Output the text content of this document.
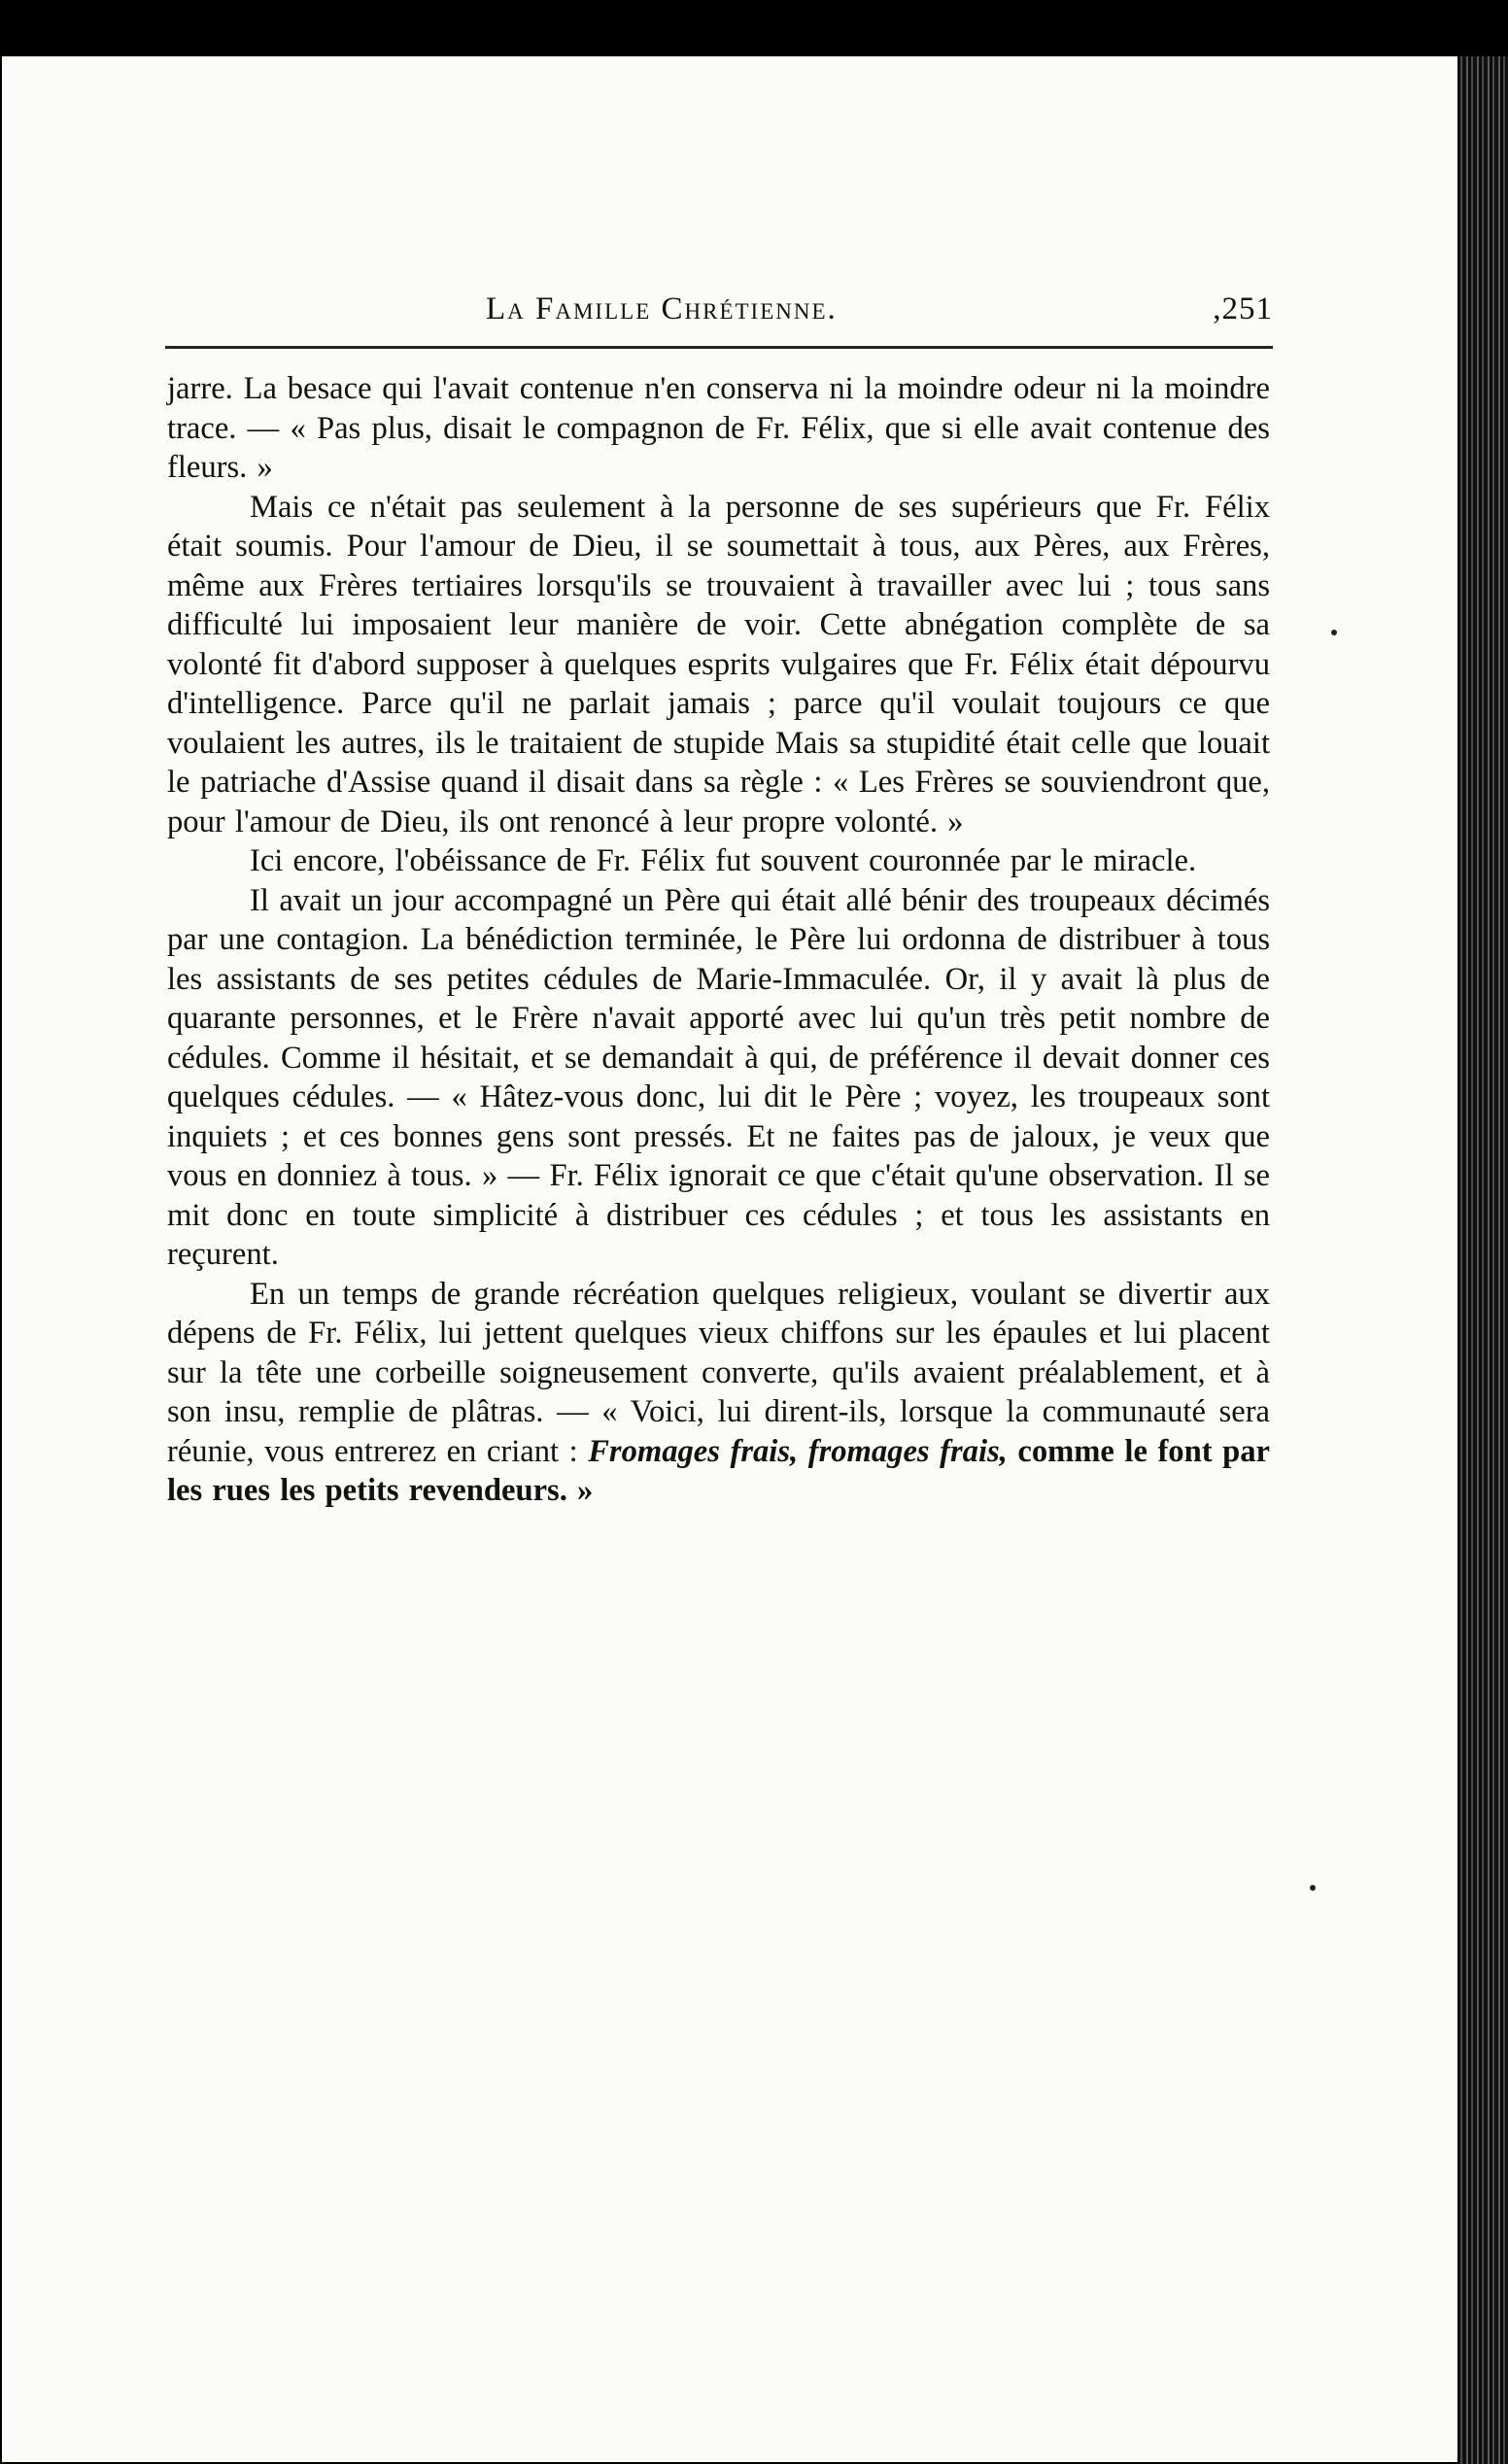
La Famille Chrétienne.	,251

jarre. La besace qui l'avait contenue n'en conserva ni la moindre odeur ni la moindre trace. — « Pas plus, disait le compagnon de Fr. Félix, que si elle avait contenue des fleurs. »

Mais ce n'était pas seulement à la personne de ses supérieurs que Fr. Félix était soumis. Pour l'amour de Dieu, il se soumettait à tous, aux Pères, aux Frères, même aux Frères tertiaires lorsqu'ils se trouvaient à travailler avec lui ; tous sans difficulté lui imposaient leur manière de voir. Cette abnégation complète de sa volonté fit d'abord supposer à quelques esprits vulgaires que Fr. Félix était dépourvu d'intelligence. Parce qu'il ne parlait jamais ; parce qu'il voulait toujours ce que voulaient les autres, ils le traitaient de stupide Mais sa stupidité était celle que louait le patriache d'Assise quand il disait dans sa règle : « Les Frères se souviendront que, pour l'amour de Dieu, ils ont renoncé à leur propre volonté. »

Ici encore, l'obéissance de Fr. Félix fut souvent couronnée par le miracle.

Il avait un jour accompagné un Père qui était allé bénir des troupeaux décimés par une contagion. La bénédiction terminée, le Père lui ordonna de distribuer à tous les assistants de ses petites cédules de Marie-Immaculée. Or, il y avait là plus de quarante personnes, et le Frère n'avait apporté avec lui qu'un très petit nombre de cédules. Comme il hésitait, et se demandait à qui, de préférence il devait donner ces quelques cédules. — « Hâtez-vous donc, lui dit le Père ; voyez, les troupeaux sont inquiets ; et ces bonnes gens sont pressés. Et ne faites pas de jaloux, je veux que vous en donniez à tous. » — Fr. Félix ignorait ce que c'était qu'une observation. Il se mit donc en toute simplicité à distribuer ces cédules ; et tous les assistants en reçurent.

En un temps de grande récréation quelques religieux, voulant se divertir aux dépens de Fr. Félix, lui jettent quelques vieux chiffons sur les épaules et lui placent sur la tête une corbeille soigneusement converte, qu'ils avaient préalablement, et à son insu, remplie de plâtras. — « Voici, lui dirent-ils, lorsque la communauté sera réunie, vous entrerez en criant : Fromages frais, fromages frais, comme le font par les rues les petits revendeurs. »
